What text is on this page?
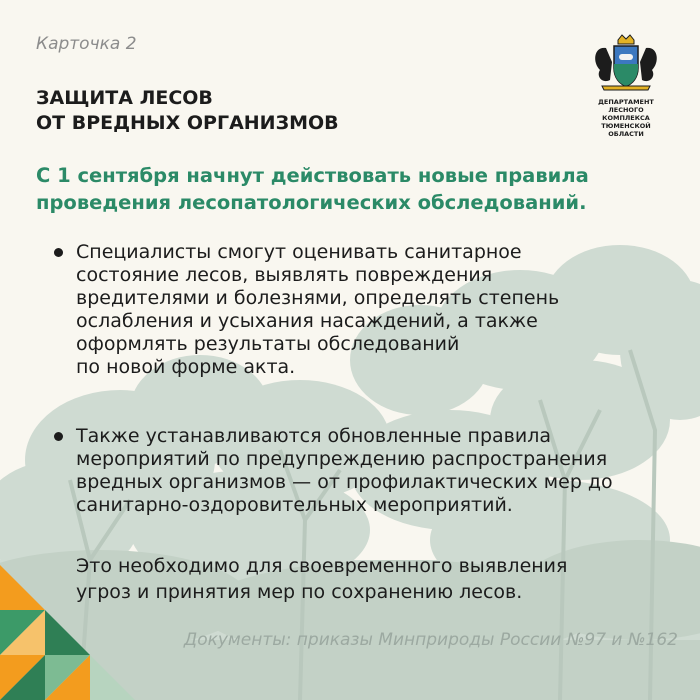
Карточка 2
ЗАЩИТА ЛЕСОВ
ОТ ВРЕДНЫХ ОРГАНИЗМОВ
ДЕПАРТАМЕНТ
ЛЕСНОГО КОМПЛЕКСА
ТЮМЕНСКОЙ ОБЛАСТИ
С 1 сентября начнут действовать новые правила
проведения лесопатологических обследований.
Специалисты смогут оценивать санитарное
состояние лесов, выявлять повреждения
вредителями и болезнями, определять степень
ослабления и усыхания насаждений, а также
оформлять результаты обследований
по новой форме акта.
Также устанавливаются обновленные правила
мероприятий по предупреждению распространения
вредных организмов — от профилактических мер до
санитарно-оздоровительных мероприятий.
Это необходимо для своевременного выявления
угроз и принятия мер по сохранению лесов.
Документы: приказы Минприроды России №97 и №162
